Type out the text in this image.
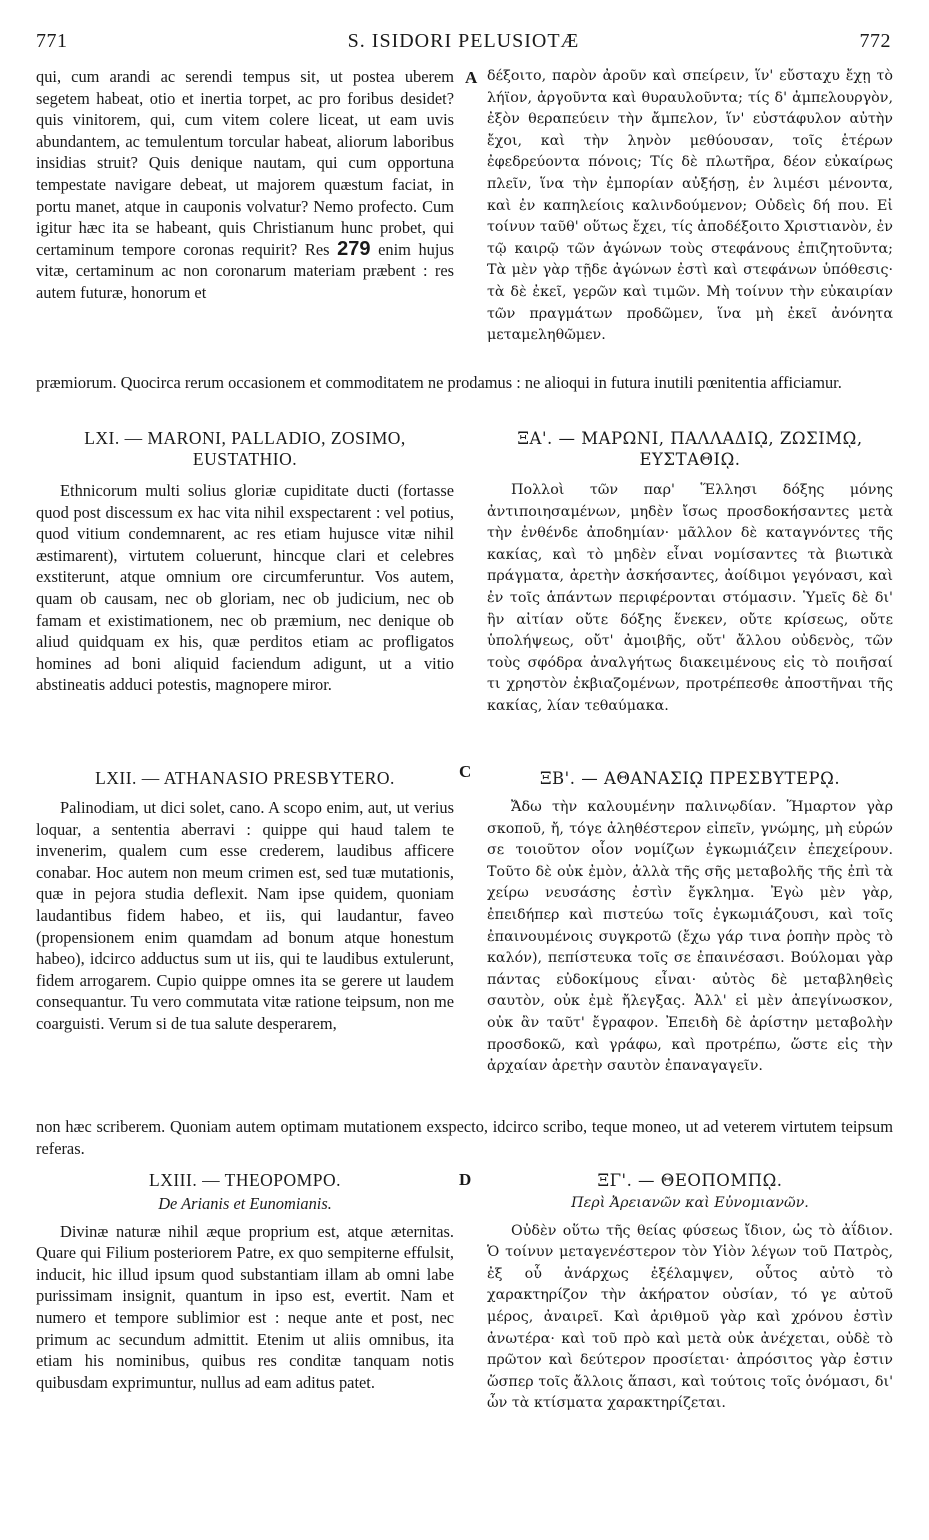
771	S. ISIDORI PELUSIOTÆ	772
A
C
D

qui, cum arandi ac serendi tempus sit, ut postea uberem segetem habeat, otio et inertia torpet, ac pro foribus desidet? quis vinitorem, qui, cum vitem colere liceat, ut eam uvis abundantem, ac temulentum torcular habeat, aliorum laboribus insidias struit? Quis denique nautam, qui cum opportuna tempestate navigare debeat, ut majorem quæstum faciat, in portu manet, atque in cauponis volvatur? Nemo profecto. Cum igitur hæc ita se habeant, quis Christianum hunc probet, qui certaminum tempore coronas requirit? Res 279 enim hujus vitæ, certaminum ac non coronarum materiam præbent : res autem futuræ, honorum et

δέξοιτο, παρὸν ἀροῦν καὶ σπείρειν, ἵν' εὔσταχυ ἔχῃ τὸ λήϊον, ἀργοῦντα καὶ θυραυλοῦντα; τίς δ' ἀμπελουργὸν, ἐξὸν θεραπεύειν τὴν ἄμπελον, ἵν' εὐστάφυλον αὐτὴν ἔχοι, καὶ τὴν ληνὸν μεθύουσαν, τοῖς ἑτέρων ἐφεδρεύοντα πόνοις; Τίς δὲ πλωτῆρα, δέον εὐκαίρως πλεῖν, ἵνα τὴν ἐμπορίαν αὐξήσῃ, ἐν λιμέσι μένοντα, καὶ ἐν καπηλείοις καλινδούμενον; Οὐδεὶς δή που. Εἰ τοίνυν ταῦθ' οὕτως ἔχει, τίς ἀποδέξοιτο Χριστιανὸν, ἐν τῷ καιρῷ τῶν ἀγώνων τοὺς στεφάνους ἐπιζητοῦντα; Τὰ μὲν γὰρ τῇδε ἀγώνων ἐστὶ καὶ στεφάνων ὑπόθεσις· τὰ δὲ ἐκεῖ, γερῶν καὶ τιμῶν. Μὴ τοίνυν τὴν εὐκαιρίαν τῶν πραγμάτων προδῶμεν, ἵνα μὴ ἐκεῖ ἀνόνητα μεταμεληθῶμεν.

præmiorum. Quocirca rerum occasionem et commoditatem ne prodamus : ne alioqui in futura inutili pœnitentia afficiamur.
LXI. — MARONI, PALLADIO, ZOSIMO, EUSTATHIO.

Ethnicorum multi solius gloriæ cupiditate ducti (fortasse quod post discessum ex hac vita nihil exspectarent : vel potius, quod vitium condemnarent, ac res etiam hujusce vitæ nihil æstimarent), virtutem coluerunt, hincque clari et celebres exstiterunt, atque omnium ore circumferuntur. Vos autem, quam ob causam, nec ob gloriam, nec ob judicium, nec ob famam et existimationem, nec ob præmium, nec denique ob aliud quidquam ex his, quæ perditos etiam ac profligatos homines ad boni aliquid faciendum adigunt, ut a vitio abstineatis adduci potestis, magnopere miror.

ΞΑ'. — ΜΑΡΩΝΙ, ΠΑΛΛΑΔΙῼ, ΖΩΣΙΜῼ, ΕΥΣΤΑΘΙῼ.

Πολλοὶ τῶν παρ' Ἕλλησι δόξης μόνης ἀντιποιησαμένων, μηδὲν ἴσως προσδοκήσαντες μετὰ τὴν ἐνθένδε ἀποδημίαν· μᾶλλον δὲ καταγνόντες τῆς κακίας, καὶ τὸ μηδὲν εἶναι νομίσαντες τὰ βιωτικὰ πράγματα, ἀρετὴν ἀσκήσαντες, ἀοίδιμοι γεγόνασι, καὶ ἐν τοῖς ἁπάντων περιφέρονται στόμασιν. Ὑμεῖς δὲ δι' ἣν αἰτίαν οὔτε δόξης ἕνεκεν, οὔτε κρίσεως, οὔτε ὑπολήψεως, οὔτ' ἀμοιβῆς, οὔτ' ἄλλου οὐδενὸς, τῶν τοὺς σφόδρα ἀναλγήτως διακειμένους εἰς τὸ ποιῆσαί τι χρηστὸν ἐκβιαζομένων, προτρέπεσθε ἀποστῆναι τῆς κακίας, λίαν τεθαύμακα.

LXII. — ATHANASIO PRESBYTERO.

Palinodiam, ut dici solet, cano. A scopo enim, aut, ut verius loquar, a sententia aberravi : quippe qui haud talem te invenerim, qualem cum esse crederem, laudibus afficere conabar. Hoc autem non meum crimen est, sed tuæ mutationis, quæ in pejora studia deflexit. Nam ipse quidem, quoniam laudantibus fidem habeo, et iis, qui laudantur, faveo (propensionem enim quamdam ad bonum atque honestum habeo), idcirco adductus sum ut iis, qui te laudibus extulerunt, fidem arrogarem. Cupio quippe omnes ita se gerere ut laudem consequantur. Tu vero commutata vitæ ratione teipsum, non me coarguisti. Verum si de tua salute desperarem,

ΞΒ'. — ΑΘΑΝΑΣΙῼ ΠΡΕΣΒΥΤΕΡῼ.

Ἄδω τὴν καλουμένην παλινῳδίαν. Ἥμαρτον γὰρ σκοποῦ, ἤ, τόγε ἀληθέστερον εἰπεῖν, γνώμης, μὴ εὑρών σε τοιοῦτον οἷον νομίζων ἐγκωμιάζειν ἐπεχείρουν. Τοῦτο δὲ οὐκ ἐμὸν, ἀλλὰ τῆς σῆς μεταβολῆς τῆς ἐπὶ τὰ χείρω νευσάσης ἐστὶν ἔγκλημα. Ἐγὼ μὲν γὰρ, ἐπειδήπερ καὶ πιστεύω τοῖς ἐγκωμιάζουσι, καὶ τοῖς ἐπαινουμένοις συγκροτῶ (ἔχω γάρ τινα ῥοπὴν πρὸς τὸ καλόν), πεπίστευκα τοῖς σε ἐπαινέσασι. Βούλομαι γὰρ πάντας εὐδοκίμους εἶναι· αὐτὸς δὲ μεταβληθεὶς σαυτὸν, οὐκ ἐμὲ ἤλεγξας. Ἀλλ' εἰ μὲν ἀπεγίνωσκον, οὐκ ἂν ταῦτ' ἔγραφον. Ἐπειδὴ δὲ ἀρίστην μεταβολὴν προσδοκῶ, καὶ γράφω, καὶ προτρέπω, ὥστε εἰς τὴν ἀρχαίαν ἀρετὴν σαυτὸν ἐπαναγαγεῖν.

non hæc scriberem. Quoniam autem optimam mutationem exspecto, idcirco scribo, teque moneo, ut ad veterem virtutem teipsum referas.
LXIII. — THEOPOMPO.
De Arianis et Eunomianis.

Divinæ naturæ nihil æque proprium est, atque æternitas. Quare qui Filium posteriorem Patre, ex quo sempiterne effulsit, inducit, hic illud ipsum quod substantiam illam ab omni labe purissimam insignit, quantum in ipso est, evertit. Nam et numero et tempore sublimior est : neque ante et post, nec primum ac secundum admittit. Etenim ut aliis omnibus, ita etiam his nominibus, quibus res conditæ tanquam notis quibusdam exprimuntur, nullus ad eam aditus patet.

ΞΓ'. — ΘΕΟΠΟΜΠῼ.
Περὶ Ἀρειανῶν καὶ Εὐνομιανῶν.

Οὐδὲν οὕτω τῆς θείας φύσεως ἴδιον, ὡς τὸ ἀΐδιον. Ὁ τοίνυν μεταγενέστερον τὸν Υἱὸν λέγων τοῦ Πατρὸς, ἐξ οὗ ἀνάρχως ἐξέλαμψεν, οὗτος αὐτὸ τὸ χαρακτηρίζον τὴν ἀκήρατον οὐσίαν, τό γε αὐτοῦ μέρος, ἀναιρεῖ. Καὶ ἀριθμοῦ γὰρ καὶ χρόνου ἐστὶν ἀνωτέρα· καὶ τοῦ πρὸ καὶ μετὰ οὐκ ἀνέχεται, οὐδὲ τὸ πρῶτον καὶ δεύτερον προσίεται· ἀπρόσιτος γὰρ ἐστιν ὥσπερ τοῖς ἄλλοις ἅπασι, καὶ τούτοις τοῖς ὀνόμασι, δι' ὧν τὰ κτίσματα χαρακτηρίζεται.
